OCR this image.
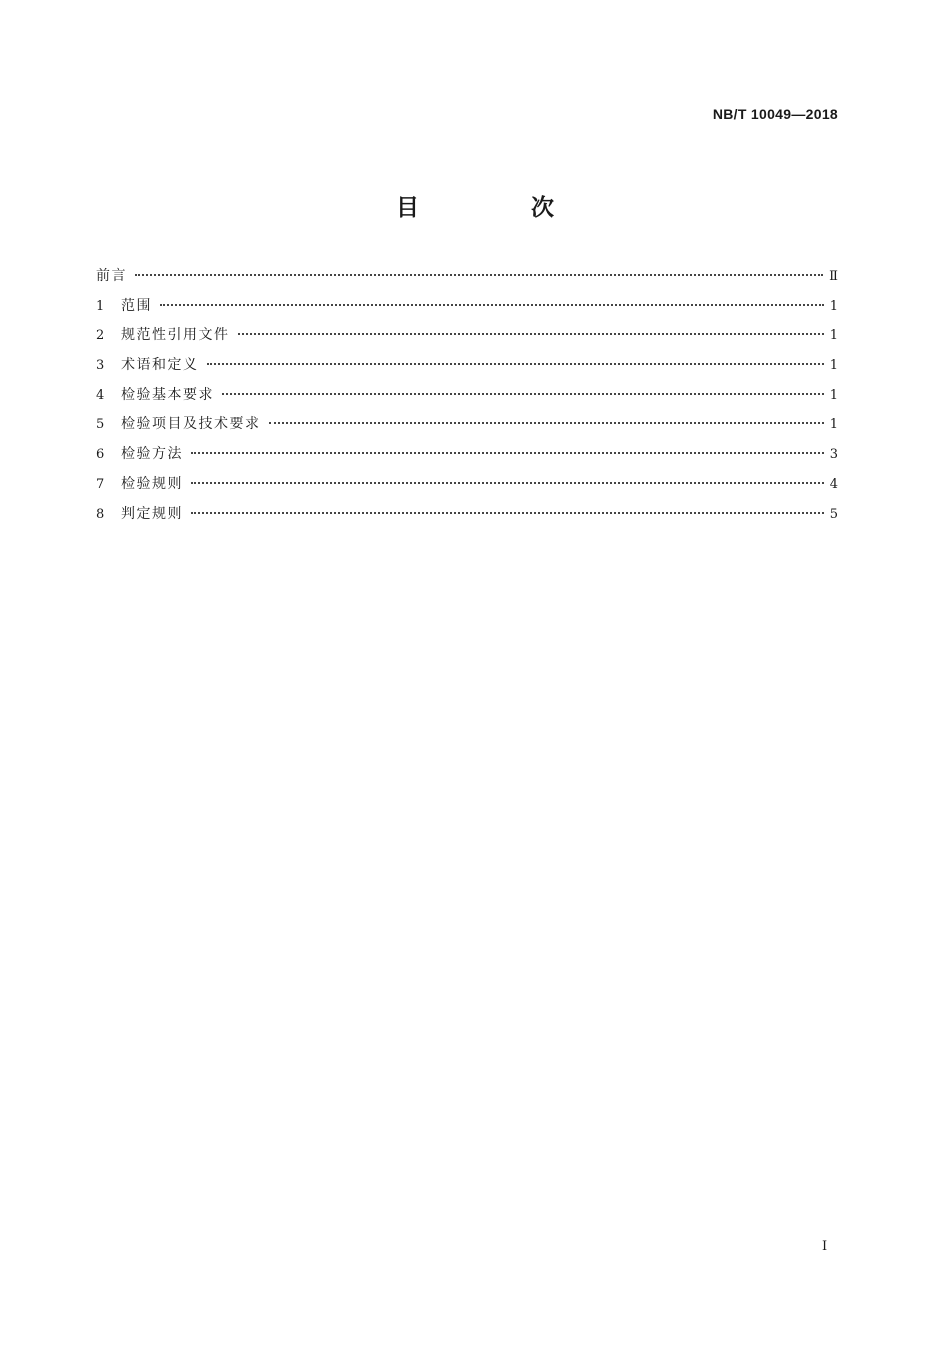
NB/T 10049—2018
目 次
前言	Ⅱ
1	范围	1
2	规范性引用文件	1
3	术语和定义	1
4	检验基本要求	1
5	检验项目及技术要求	1
6	检验方法	3
7	检验规则	4
8	判定规则	5
I
